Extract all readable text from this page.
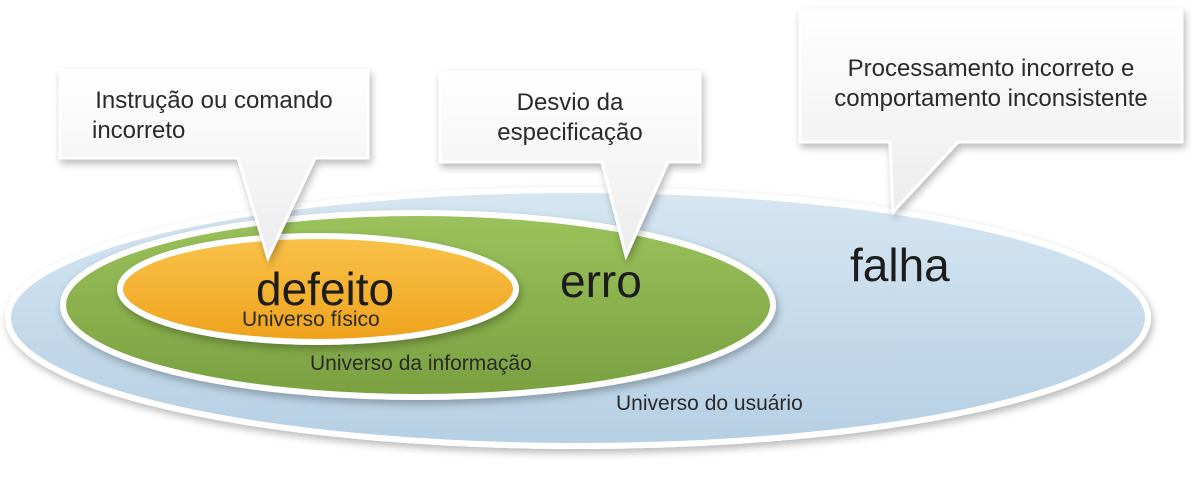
Instrução ou comando
incorreto
Desvio da
especificação
Processamento incorreto e
comportamento inconsistente
defeito	erro	falha
Universo físico
Universo da informação
Universo do usuário
